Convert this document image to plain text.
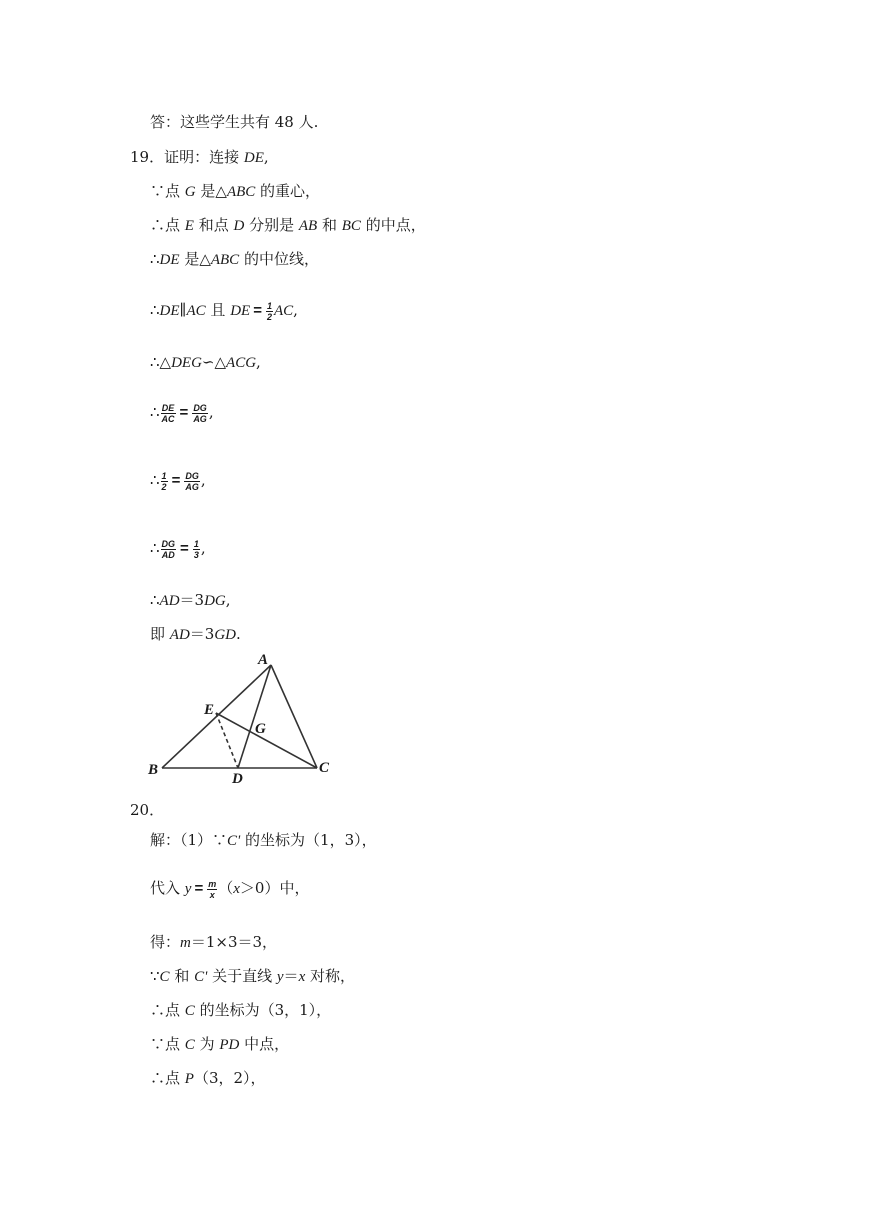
答：这些学生共有 48 人.
19．证明：连接 DE,
∵点 G 是△ABC 的重心，
∴点 E 和点 D 分别是 AB 和 BC 的中点，
∴DE 是△ABC 的中位线，
∴DE∥AC 且 DE = $\frac{1}{2}$ AC,
∴△DEG∽△ACG,
∴ $\frac{DE}{AC} = \frac{DG}{AG}$ ,
∴ $\frac{1}{2} = \frac{DG}{AG}$ ,
∴ $\frac{DG}{AD} = \frac{1}{3}$ ,
∴AD＝3DG,
即 AD＝3GD.
A
B	C
D
E
G
20．
解：（1）∵C' 的坐标为（1，3），
代入 $y = \frac{m}{x} (x>0)$中，
得：m＝1×3＝3，
∵C 和 C' 关于直线 y＝x 对称，
∴点 C 的坐标为（3，1），
∵点 C 为 PD 中点，
∴点 P（3，2），
